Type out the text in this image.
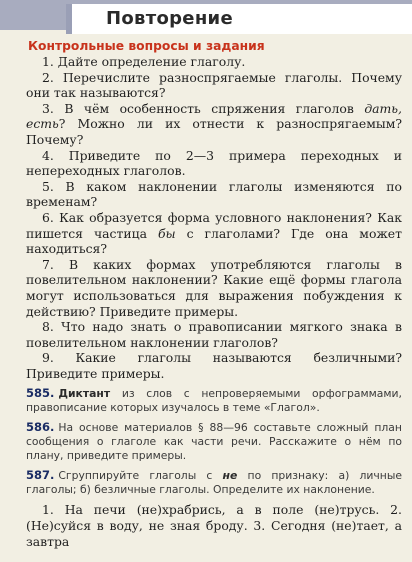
Повторение
Контрольные вопросы и задания

1. Дайте определение глаголу.

2. Перечислите разноспрягаемые глаголы. Почему они так называются?

3. В чём особенность спряжения глаголов дать, есть? Можно ли их отнести к разноспрягаемым? Почему?

4. Приведите по 2—3 примера переходных и непереходных глаголов.

5. В каком наклонении глаголы изменяются по временам?

6. Как образуется форма условного наклонения? Как пишется частица бы с глаголами? Где она может находиться?

7. В каких формах употребляются глаголы в повелительном наклонении? Какие ещё формы глагола могут использоваться для выражения побуждения к действию? Приведите примеры.

8. Что надо знать о правописании мягкого знака в повелительном наклонении глаголов?

9. Какие глаголы называются безличными? Приведите примеры.

585. Диктант из слов с непроверяемыми орфограммами, правописание которых изучалось в теме «Глагол».
586. На основе материалов § 88—96 составьте сложный план сообщения о глаголе как части речи. Расскажите о нём по плану, приведите примеры.
587. Сгруппируйте глаголы с не по признаку: а) личные глаголы; б) безличные глаголы. Определите их наклонение.

1. На печи (не)храбрись, а в поле (не)трусь. 2. (Не)суйся в воду, не зная броду. 3. Сегодня (не)тает, а завтра
